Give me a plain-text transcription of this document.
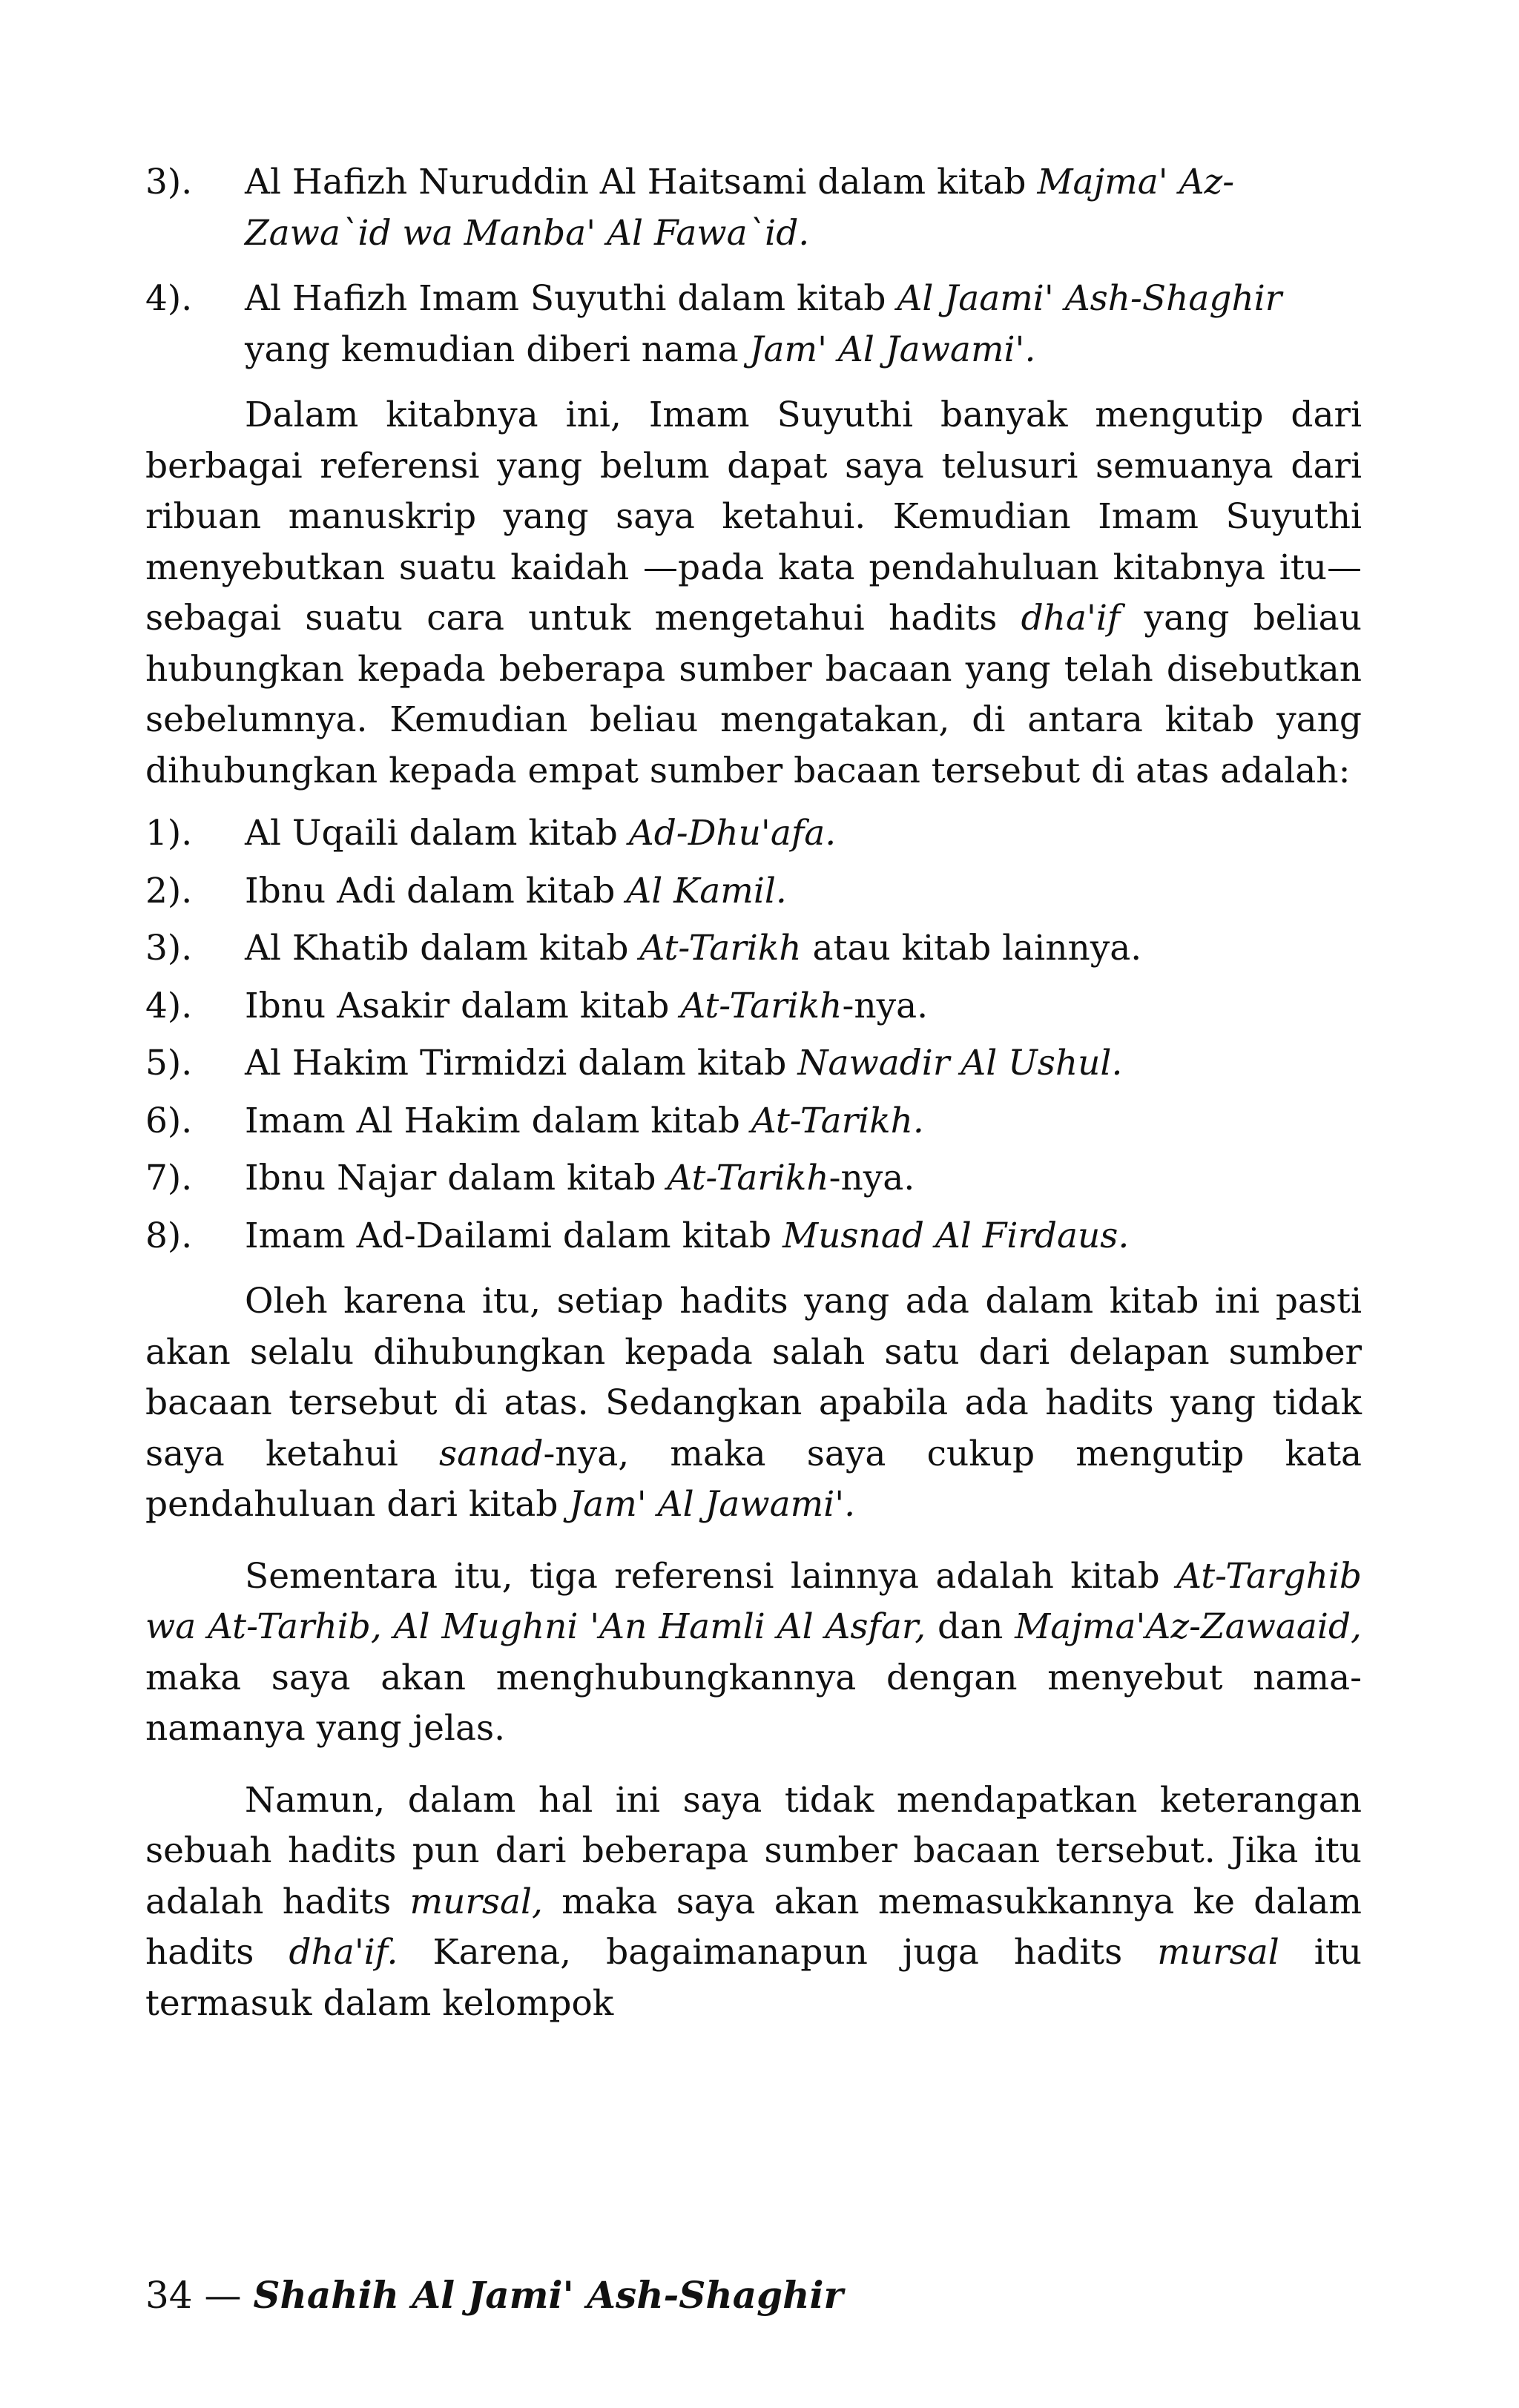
3).	Al Hafizh Nuruddin Al Haitsami dalam kitab Majma' Az-Zawa`id wa Manba' Al Fawa`id.
4).	Al Hafizh Imam Suyuthi dalam kitab Al Jaami' Ash-Shaghir yang kemudian diberi nama Jam' Al Jawami'.

Dalam kitabnya ini, Imam Suyuthi banyak mengutip dari berbagai referensi yang belum dapat saya telusuri semuanya dari ribuan manuskrip yang saya ketahui. Kemudian Imam Suyuthi menyebutkan suatu kaidah —pada kata pendahuluan kitabnya itu— sebagai suatu cara untuk mengetahui hadits dha'if yang beliau hubungkan kepada beberapa sumber bacaan yang telah disebutkan sebelumnya. Kemudian beliau mengatakan, di antara kitab yang dihubungkan kepada empat sumber bacaan tersebut di atas adalah:

1).	Al Uqaili dalam kitab Ad-Dhu'afa.
2).	Ibnu Adi dalam kitab Al Kamil.
3).	Al Khatib dalam kitab At-Tarikh atau kitab lainnya.
4).	Ibnu Asakir dalam kitab At-Tarikh-nya.
5).	Al Hakim Tirmidzi dalam kitab Nawadir Al Ushul.
6).	Imam Al Hakim dalam kitab At-Tarikh.
7).	Ibnu Najar dalam kitab At-Tarikh-nya.
8).	Imam Ad-Dailami dalam kitab Musnad Al Firdaus.

Oleh karena itu, setiap hadits yang ada dalam kitab ini pasti akan selalu dihubungkan kepada salah satu dari delapan sumber bacaan tersebut di atas. Sedangkan apabila ada hadits yang tidak saya ketahui sanad-nya, maka saya cukup mengutip kata pendahuluan dari kitab Jam' Al Jawami'.

Sementara itu, tiga referensi lainnya adalah kitab At-Targhib wa At-Tarhib, Al Mughni 'An Hamli Al Asfar, dan Majma'Az-Zawaaid, maka saya akan menghubungkannya dengan menyebut nama-namanya yang jelas.

Namun, dalam hal ini saya tidak mendapatkan keterangan sebuah hadits pun dari beberapa sumber bacaan tersebut. Jika itu adalah hadits mursal, maka saya akan memasukkannya ke dalam hadits dha'if. Karena, bagaimanapun juga hadits mursal itu termasuk dalam kelompok

34 — Shahih Al Jami' Ash-Shaghir
